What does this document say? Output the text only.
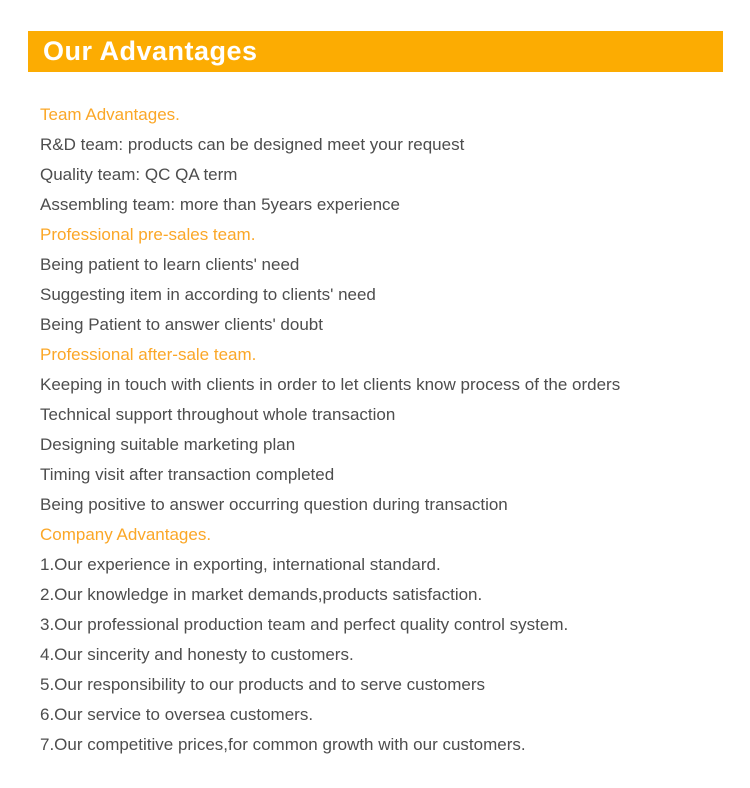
Our Advantages

Team Advantages.

R&D team: products can be designed meet your request

Quality team: QC QA term

Assembling team: more than 5years experience

Professional pre-sales team.

Being patient to learn clients' need

Suggesting item in according to clients' need

Being Patient to answer clients' doubt

Professional after-sale team.

Keeping in touch with clients in order to let clients know process of the orders

Technical support throughout whole transaction

Designing suitable marketing plan

Timing visit after transaction completed

Being positive to answer occurring question during transaction

Company Advantages.

1.Our experience in exporting, international standard.

2.Our knowledge in market demands,products satisfaction.

3.Our professional production team and perfect quality control system.

4.Our sincerity and honesty to customers.

5.Our responsibility to our products and to serve customers

6.Our service to oversea customers.

7.Our competitive prices,for common growth with our customers.
